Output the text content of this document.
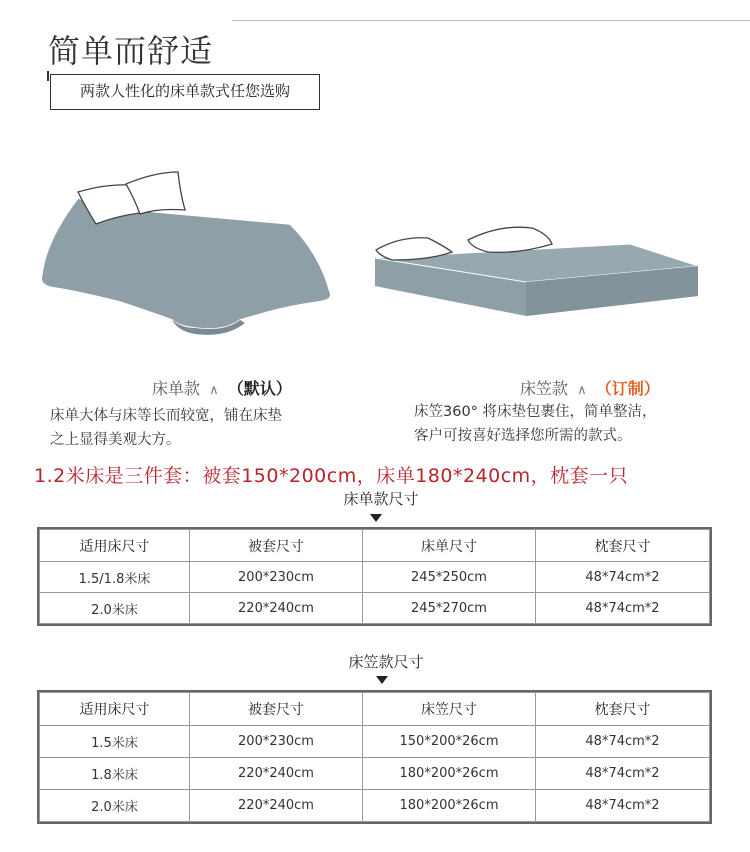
简单而舒适
两款人性化的床单款式任您选购
床单款 ∧ （默认）	床笠款 ∧ （订制）
床单大体与床等长而较宽，铺在床垫
之上显得美观大方。
床笠360° 将床垫包裹住，简单整洁，
客户可按喜好选择您所需的款式。
1.2米床是三件套：被套150*200cm，床单180*240cm，枕套一只
床单款尺寸
适用床尺寸	被套尺寸	床单尺寸	枕套尺寸
1.5/1.8米床	200*230cm	245*250cm	48*74cm*2
2.0米床	220*240cm	245*270cm	48*74cm*2
床笠款尺寸
适用床尺寸	被套尺寸	床笠尺寸	枕套尺寸
1.5米床	200*230cm	150*200*26cm	48*74cm*2
1.8米床	220*240cm	180*200*26cm	48*74cm*2
2.0米床	220*240cm	180*200*26cm	48*74cm*2
